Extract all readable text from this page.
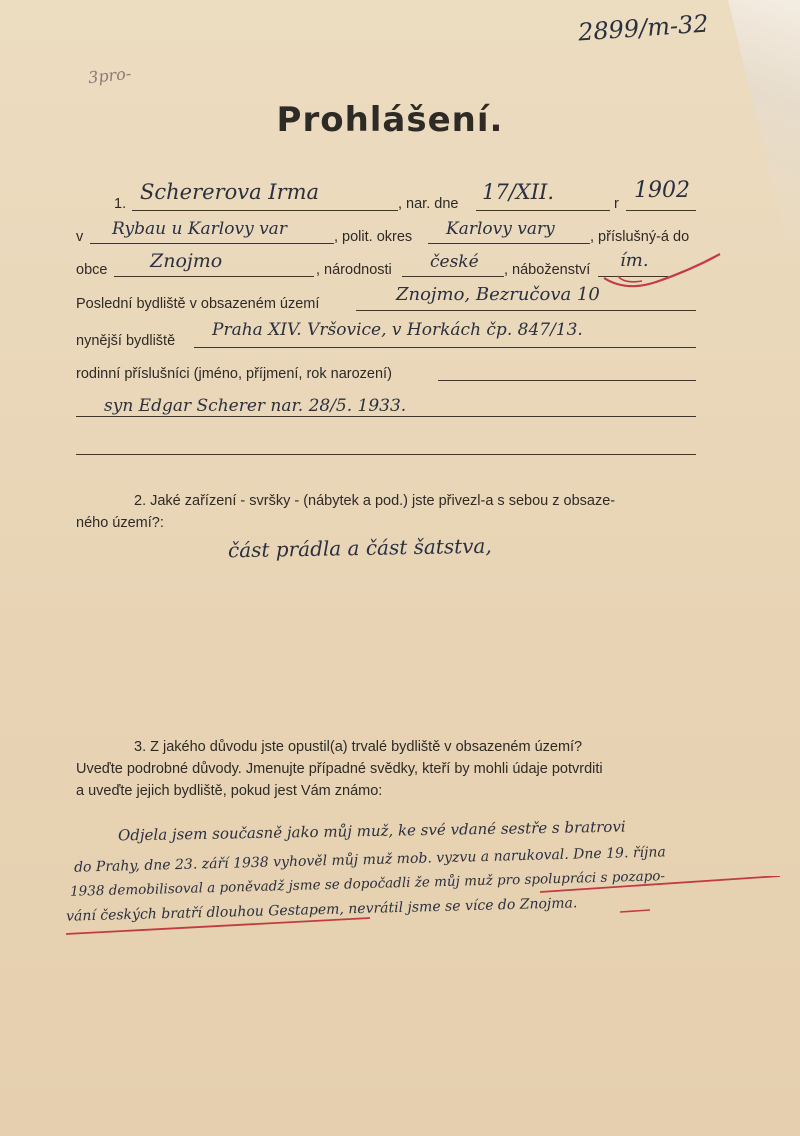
2899/m-32
3pro-
Prohlášení.
1. Schererova Irma	, nar. dne 17/XII.	r
1902
v Rybau u Karlovy var	, polit. okres Karlovy vary , příslušný-á do
obce Znojmo	, národnosti české , náboženství ím.
Poslední bydliště v obsazeném území	Znojmo, Bezručova 10
nynější bydliště
Praha XIV. Vršovice, v Horkách čp. 847/13.
rodinní příslušníci (jméno, příjmení, rok narození)
syn Edgar Scherer nar. 28/5. 1933.
2. Jaké zařízení - svršky - (nábytek a pod.) jste přivezl-a s sebou z obsaze-
ného území?:
část prádla a část šatstva,
3. Z jakého důvodu jste opustil(a) trvalé bydliště v obsazeném území?
Uveďte podrobné důvody. Jmenujte případné svědky, kteří by mohli údaje potvrditi
a uveďte jejich bydliště, pokud jest Vám známo:
Odjela jsem současně jako můj muž, ke své vdané sestře s bratrovi
do Prahy, dne 23. září 1938 vyhověl můj muž mob. vyzvu a narukoval. Dne 19. října
1938 demobilisoval a poněvadž jsme se dopočadli že můj muž pro spolupráci s pozapo-
vání českých bratří dlouhou Gestapem, nevrátil jsme se více do Znojma.
